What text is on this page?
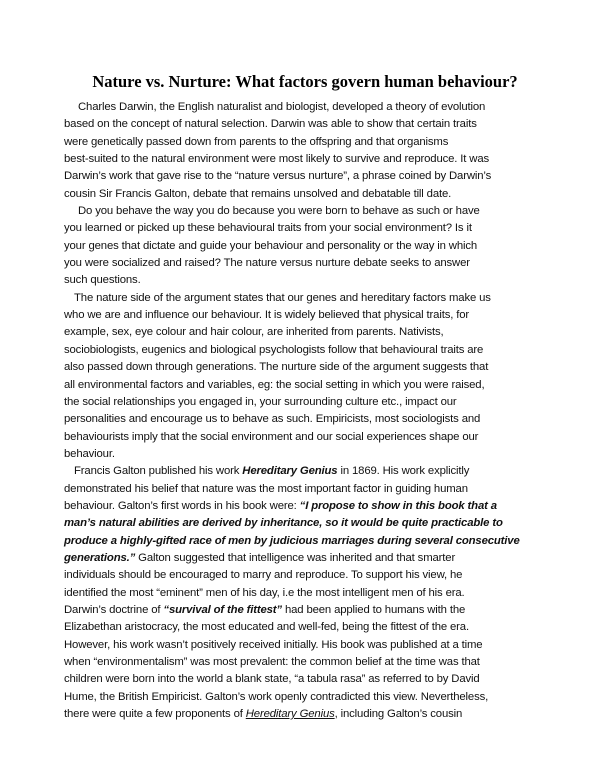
Nature vs. Nurture: What factors govern human behaviour?
Charles Darwin, the English naturalist and biologist, developed a theory of evolution
based on the concept of natural selection. Darwin was able to show that certain traits
were genetically passed down from parents to the offspring and that organisms
best-suited to the natural environment were most likely to survive and reproduce. It was
Darwin’s work that gave rise to the “nature versus nurture”, a phrase coined by Darwin’s
cousin Sir Francis Galton, debate that remains unsolved and debatable till date.
Do you behave the way you do because you were born to behave as such or have
you learned or picked up these behavioural traits from your social environment? Is it
your genes that dictate and guide your behaviour and personality or the way in which
you were socialized and raised? The nature versus nurture debate seeks to answer
such questions.
The nature side of the argument states that our genes and hereditary factors make us
who we are and influence our behaviour. It is widely believed that physical traits, for
example, sex, eye colour and hair colour, are inherited from parents. Nativists,
sociobiologists, eugenics and biological psychologists follow that behavioural traits are
also passed down through generations. The nurture side of the argument suggests that
all environmental factors and variables, eg: the social setting in which you were raised,
the social relationships you engaged in, your surrounding culture etc., impact our
personalities and encourage us to behave as such. Empiricists, most sociologists and
behaviourists imply that the social environment and our social experiences shape our
behaviour.
Francis Galton published his work Hereditary Genius in 1869. His work explicitly
demonstrated his belief that nature was the most important factor in guiding human
behaviour. Galton’s first words in his book were: “I propose to show in this book that a
man’s natural abilities are derived by inheritance, so it would be quite practicable to
produce a highly-gifted race of men by judicious marriages during several consecutive
generations.” Galton suggested that intelligence was inherited and that smarter
individuals should be encouraged to marry and reproduce. To support his view, he
identified the most “eminent” men of his day, i.e the most intelligent men of his era.
Darwin’s doctrine of “survival of the fittest” had been applied to humans with the
Elizabethan aristocracy, the most educated and well-fed, being the fittest of the era.
However, his work wasn’t positively received initially. His book was published at a time
when “environmentalism” was most prevalent: the common belief at the time was that
children were born into the world a blank state, “a tabula rasa” as referred to by David
Hume, the British Empiricist. Galton’s work openly contradicted this view. Nevertheless,
there were quite a few proponents of Hereditary Genius, including Galton’s cousin
